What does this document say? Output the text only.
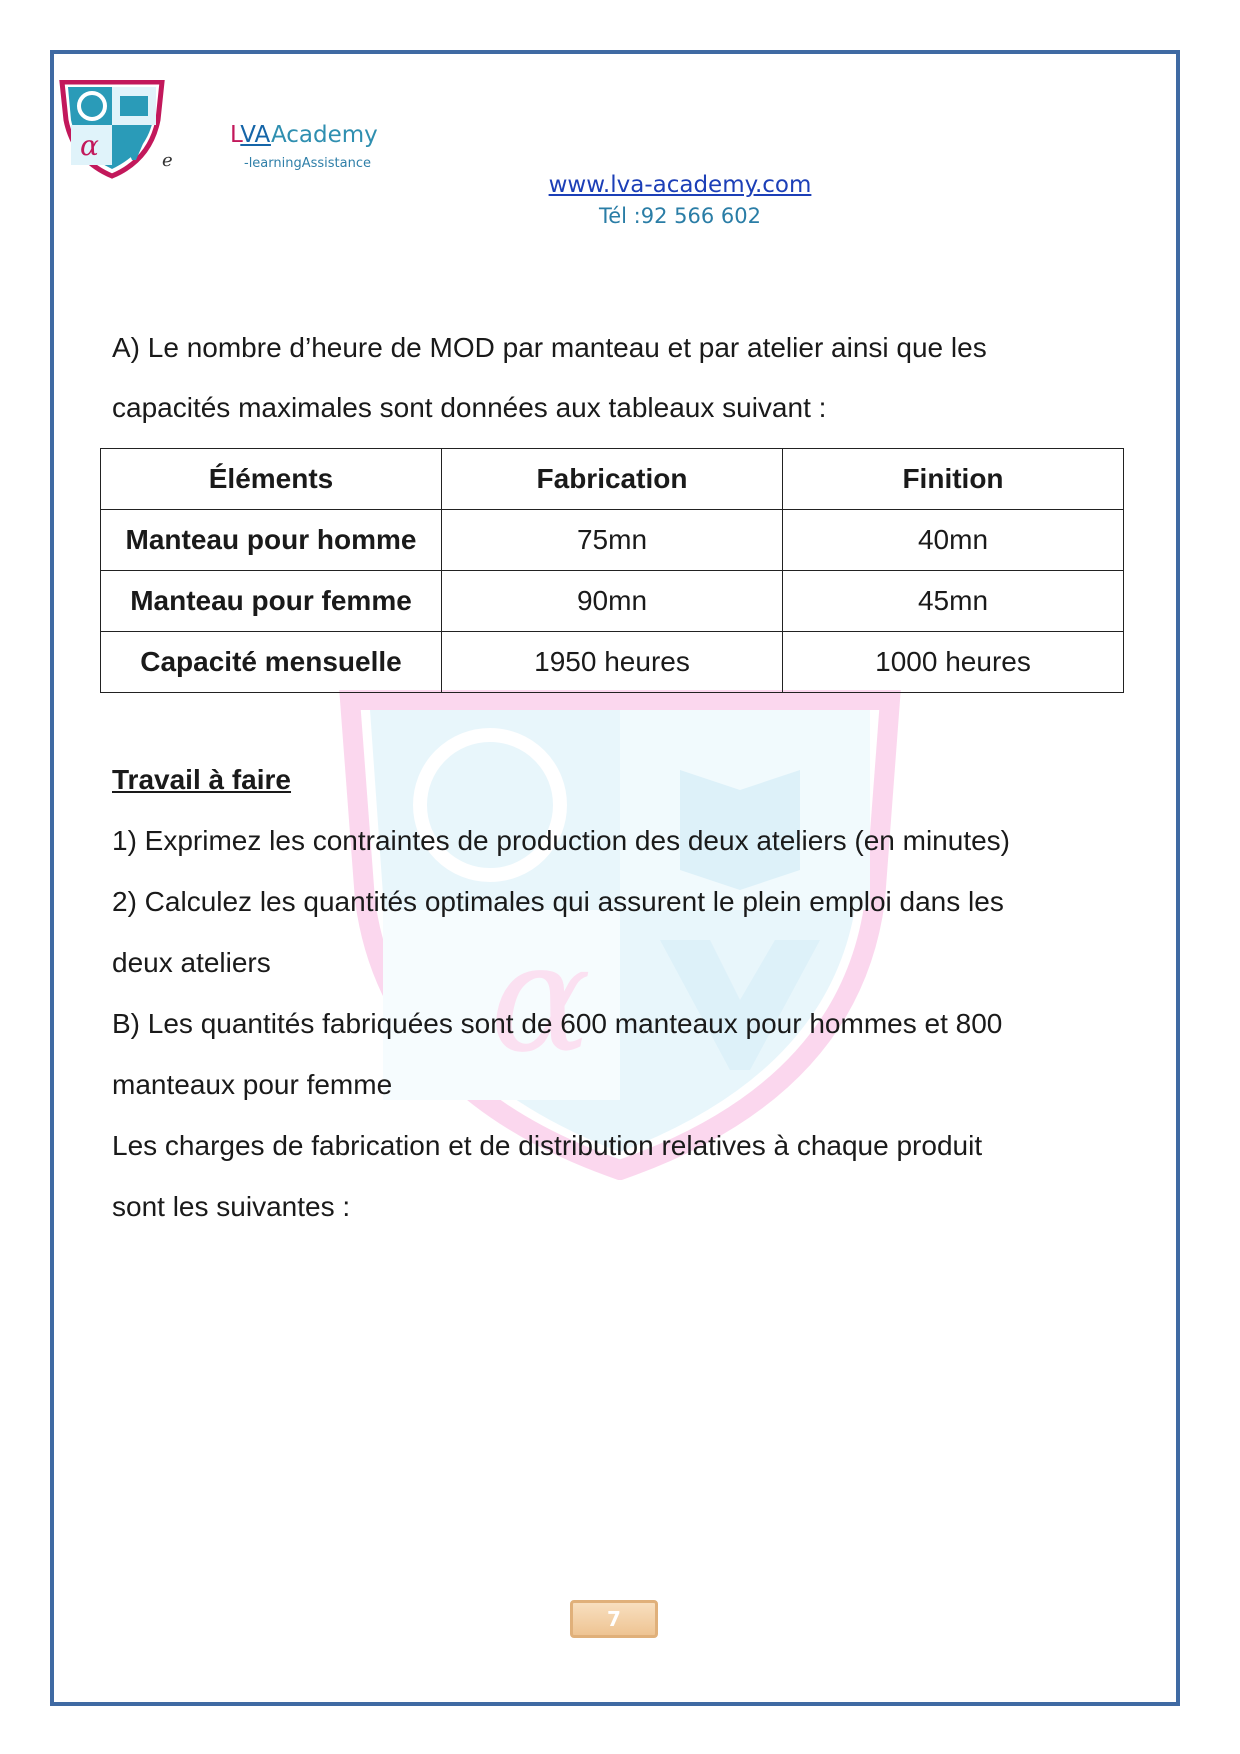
α
α	e
LVAAcademy
-learningAssistance
www.lva-academy.com
Tél :92 566 602
A) Le nombre d’heure de MOD par manteau et par atelier ainsi que les
capacités maximales sont données aux tableaux suivant :
Éléments	Fabrication	Finition
Manteau pour homme	75mn	40mn
Manteau pour femme	90mn	45mn
Capacité mensuelle	1950 heures	1000 heures
Travail à faire
1) Exprimez les contraintes de production des deux ateliers (en minutes)
2) Calculez les quantités optimales qui assurent le plein emploi dans les
deux ateliers
B) Les quantités fabriquées sont de 600 manteaux pour hommes et 800
manteaux pour femme
Les charges de fabrication et de distribution relatives à chaque produit
sont les suivantes :
7
